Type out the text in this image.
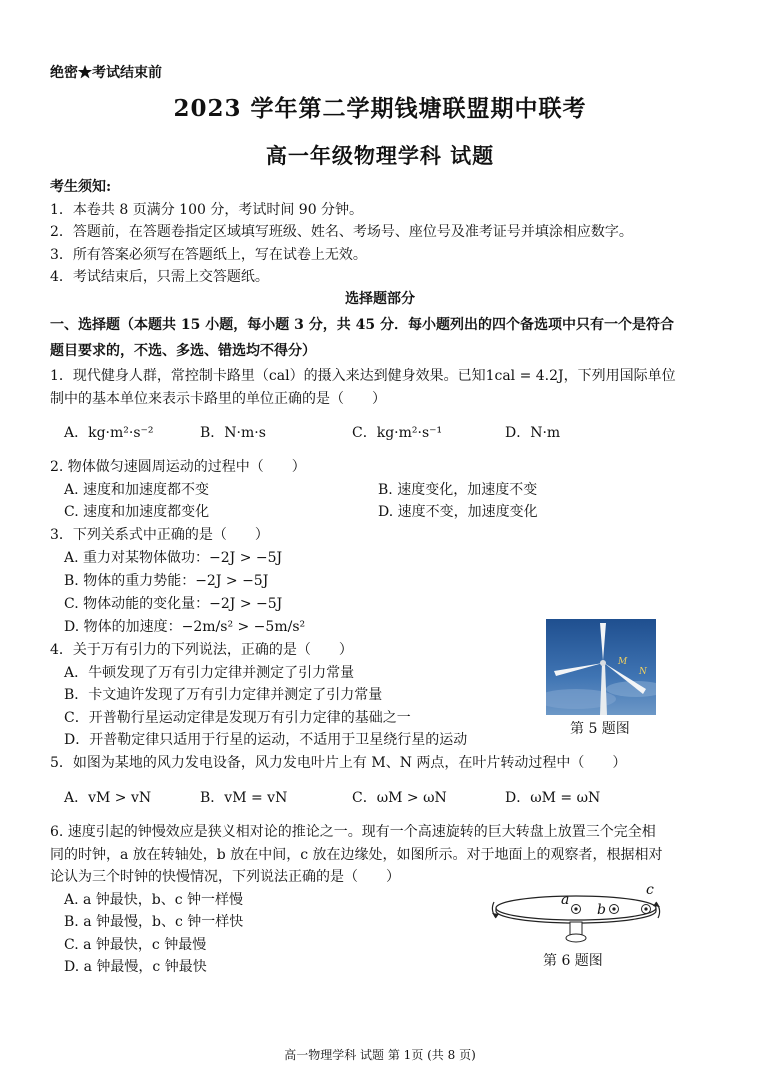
绝密★考试结束前
2023 学年第二学期钱塘联盟期中联考
高一年级物理学科 试题
考生须知:
1．本卷共 8 页满分 100 分，考试时间 90 分钟。
2．答题前，在答题卷指定区域填写班级、姓名、考场号、座位号及准考证号并填涂相应数字。
3．所有答案必须写在答题纸上，写在试卷上无效。
4．考试结束后，只需上交答题纸。
选择题部分
一、选择题（本题共 15 小题，每小题 3 分，共 45 分．每小题列出的四个备选项中只有一个是符合
题目要求的，不选、多选、错选均不得分）
1．现代健身人群，常控制卡路里（cal）的摄入来达到健身效果。已知1cal = 4.2J，下列用国际单位
制中的基本单位来表示卡路里的单位正确的是（　　）
A．kg·m²·s⁻²	B．N·m·s	C．kg·m²·s⁻¹	D．N·m
2. 物体做匀速圆周运动的过程中（　　）
A. 速度和加速度都不变	B. 速度变化，加速度不变
C. 速度和加速度都变化	D. 速度不变，加速度变化
3．下列关系式中正确的是（　　）
A. 重力对某物体做功：−2J > −5J
B. 物体的重力势能：−2J > −5J
C. 物体动能的变化量：−2J > −5J
D. 物体的加速度：−2m/s² > −5m/s²
4．关于万有引力的下列说法，正确的是（　　）
A．牛顿发现了万有引力定律并测定了引力常量
B．卡文迪许发现了万有引力定律并测定了引力常量
C．开普勒行星运动定律是发现万有引力定律的基础之一
D．开普勒定律只适用于行星的运动，不适用于卫星绕行星的运动
M
N
第 5 题图
5．如图为某地的风力发电设备，风力发电叶片上有 M、N 两点，在叶片转动过程中（　　）
A．vM > vN	B．vM = vN	C．ωM > ωN	D．ωM = ωN
6. 速度引起的钟慢效应是狭义相对论的推论之一。现有一个高速旋转的巨大转盘上放置三个完全相
同的时钟，a 放在转轴处，b 放在中间，c 放在边缘处，如图所示。对于地面上的观察者，根据相对
论认为三个时钟的快慢情况，下列说法正确的是（　　）
A. a 钟最快，b、c 钟一样慢
B. a 钟最慢，b、c 钟一样快
C. a 钟最快，c 钟最慢
D. a 钟最慢，c 钟最快
a
b
c
第 6 题图
高一物理学科 试题 第 1页 (共 8 页)
